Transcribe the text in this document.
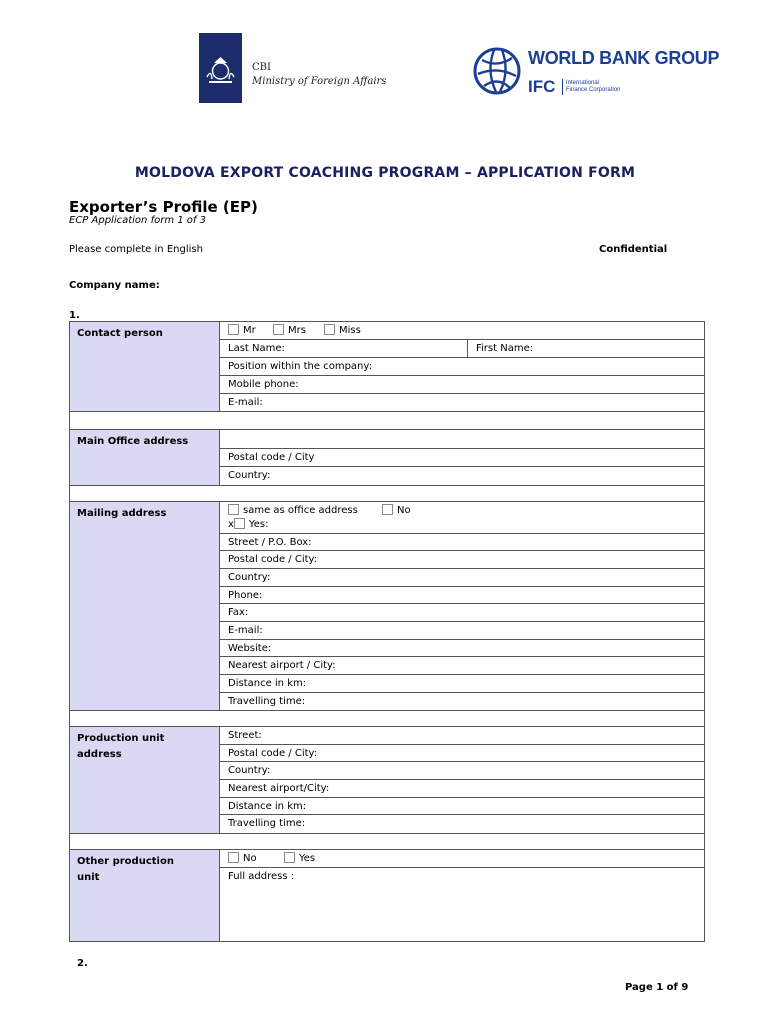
CBI
Ministry of Foreign Affairs
WORLD BANK GROUP
IFC International
Finance Corporation
MOLDOVA EXPORT COACHING PROGRAM – APPLICATION FORM
Exporter’s Profile (EP)
ECP Application form 1 of 3
Please complete in English	Confidential
Company name:
1.
Contact person	Mr	Mrs	Miss
Last Name:	First Name:
Position within the company:
Mobile phone:
E-mail:
Main Office address
Postal code / City
Country:
Mailing address	same as office address	No
x Yes:
Street / P.O. Box:
Postal code / City:
Country:
Phone:
Fax:
E-mail:
Website:
Nearest airport / City:
Distance in km:
Travelling time:
Production unit
address
Street:
Postal code / City:
Country:
Nearest airport/City:
Distance in km:
Travelling time:
Other production
unit
No	Yes
Full address :
2.
Page 1 of 9
